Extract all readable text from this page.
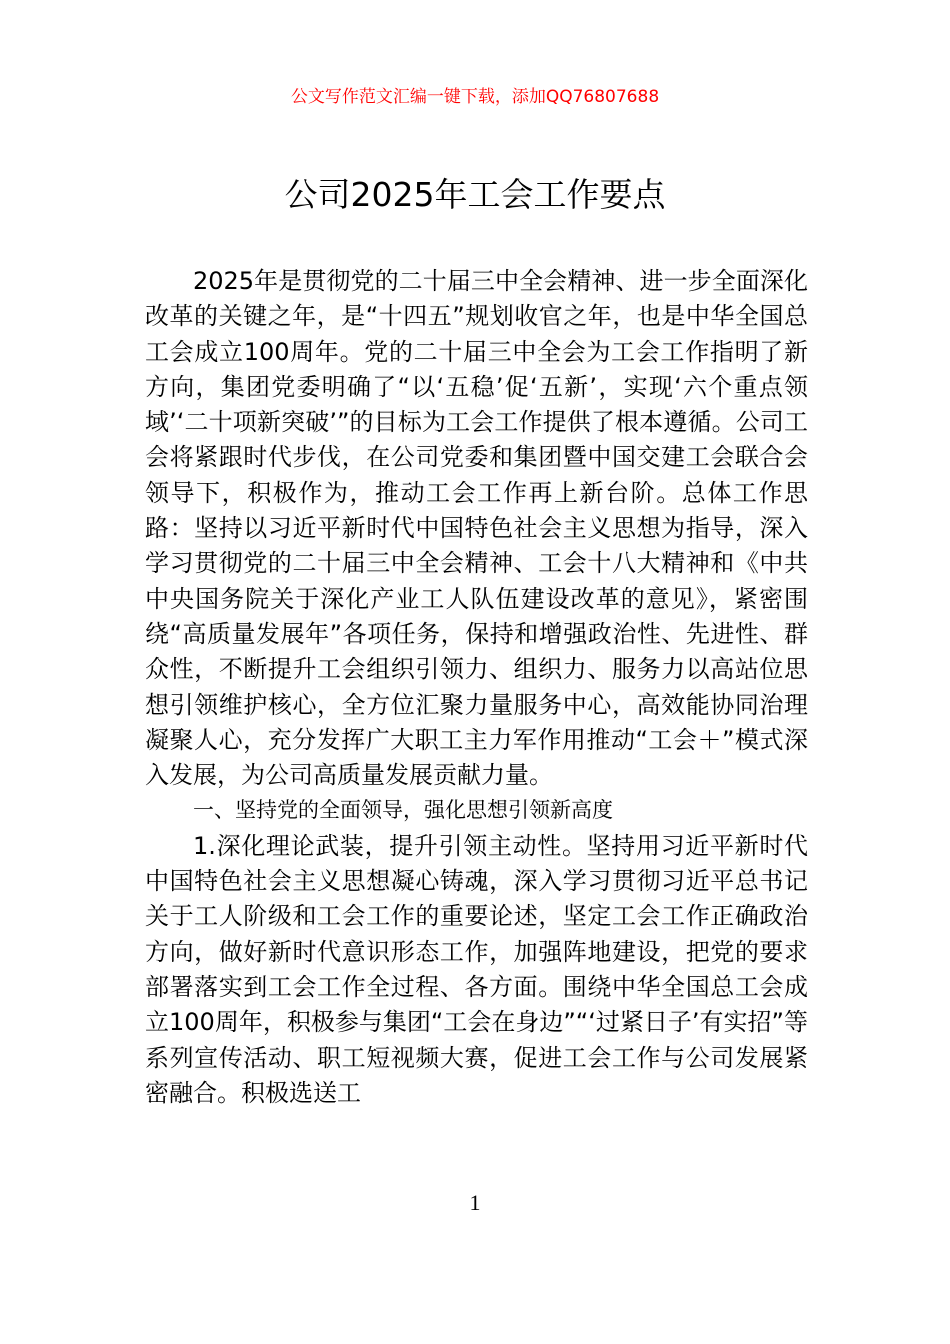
公文写作范文汇编一键下载，添加QQ76807688
公司2025年工会工作要点

2025年是贯彻党的二十届三中全会精神、进一步全面深化改革的关键之年，是“十四五”规划收官之年，也是中华全国总工会成立100周年。党的二十届三中全会为工会工作指明了新方向，集团党委明确了“以‘五稳’促‘五新’，实现‘六个重点领域’‘二十项新突破’”的目标为工会工作提供了根本遵循。公司工会将紧跟时代步伐，在公司党委和集团暨中国交建工会联合会领导下，积极作为，推动工会工作再上新台阶。总体工作思路：坚持以习近平新时代中国特色社会主义思想为指导，深入学习贯彻党的二十届三中全会精神、工会十八大精神和《中共中央国务院关于深化产业工人队伍建设改革的意见》，紧密围绕“高质量发展年”各项任务，保持和增强政治性、先进性、群众性，不断提升工会组织引领力、组织力、服务力以高站位思想引领维护核心，全方位汇聚力量服务中心，高效能协同治理凝聚人心，充分发挥广大职工主力军作用推动“工会＋”模式深入发展，为公司高质量发展贡献力量。

一、坚持党的全面领导，强化思想引领新高度

1.深化理论武装，提升引领主动性。坚持用习近平新时代中国特色社会主义思想凝心铸魂，深入学习贯彻习近平总书记关于工人阶级和工会工作的重要论述，坚定工会工作正确政治方向，做好新时代意识形态工作，加强阵地建设，把党的要求部署落实到工会工作全过程、各方面。围绕中华全国总工会成立100周年，积极参与集团“工会在身边”“‘过紧日子’有实招”等系列宣传活动、职工短视频大赛，促进工会工作与公司发展紧密融合。积极选送工

1
